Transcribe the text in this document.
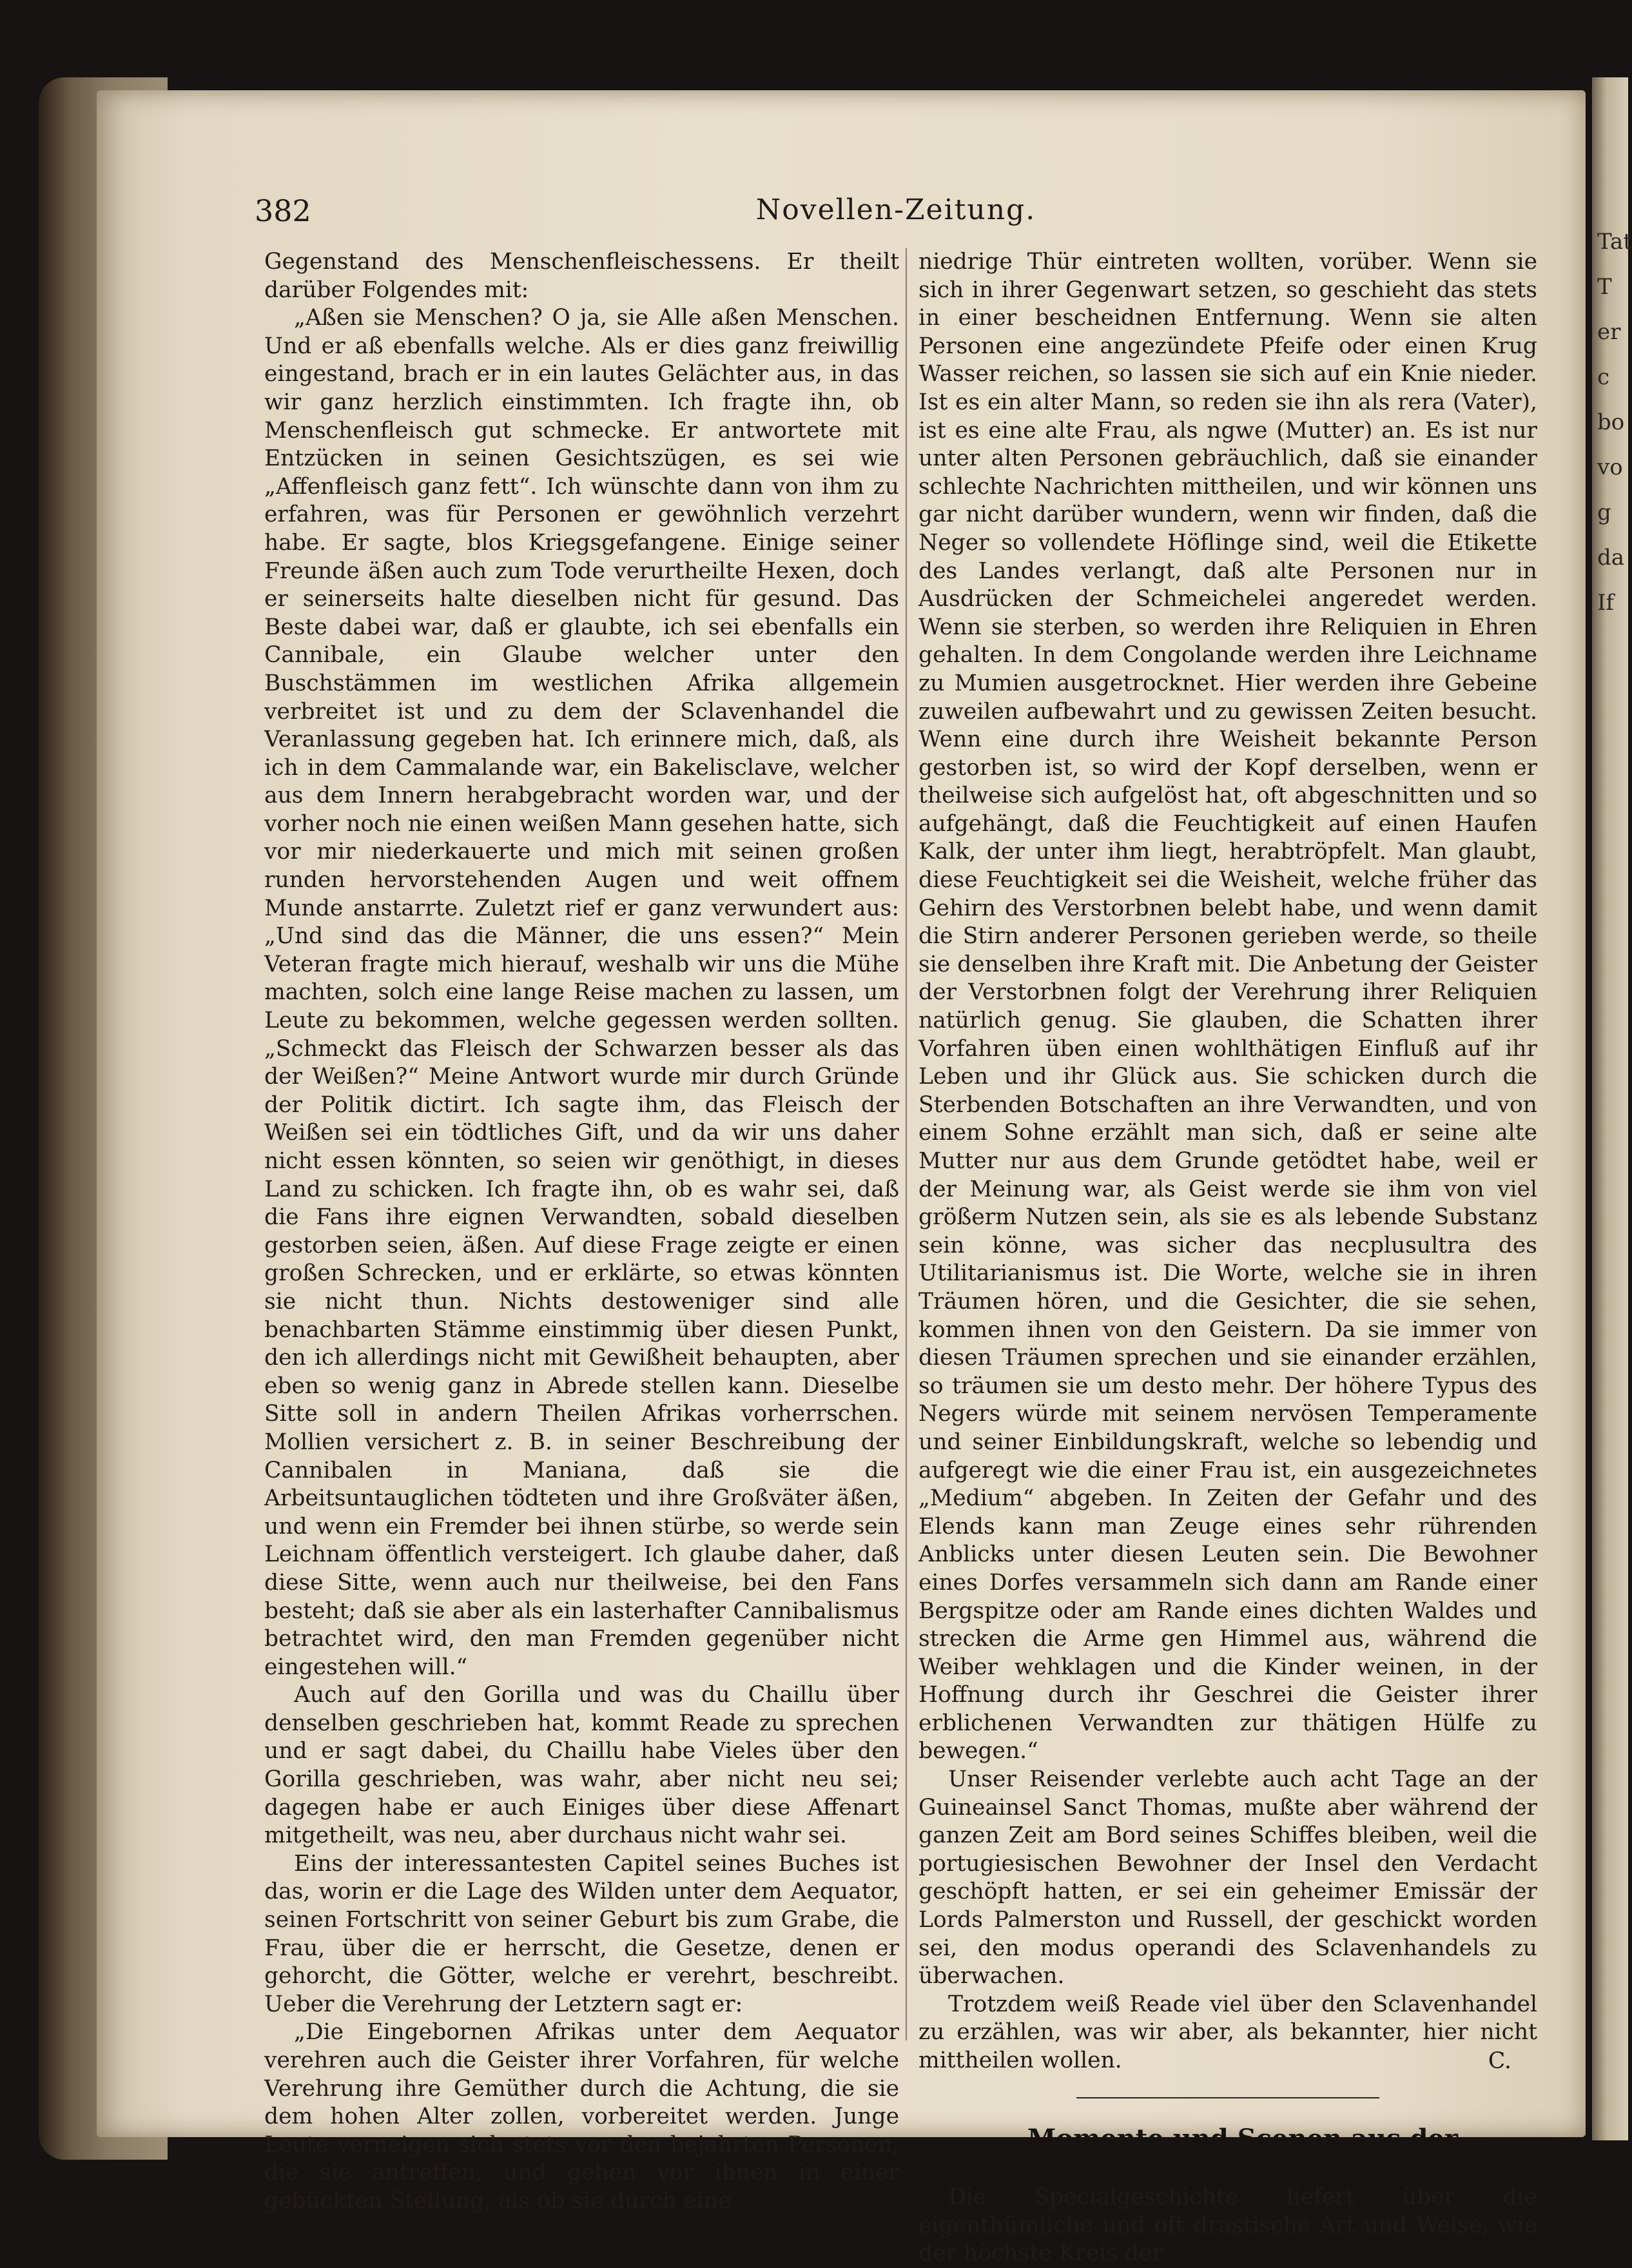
Tat
T
er
c
bo
vo
g
da
If
382	Novellen-Zeitung.

Gegenstand des Menschenfleischessens. Er theilt darüber Folgendes mit:

„Aßen sie Menschen? O ja, sie Alle aßen Menschen. Und er aß ebenfalls welche. Als er dies ganz freiwillig eingestand, brach er in ein lautes Gelächter aus, in das wir ganz herzlich einstimmten. Ich fragte ihn, ob Menschenfleisch gut schmecke. Er antwortete mit Entzücken in seinen Gesichtszügen, es sei wie „Affenfleisch ganz fett“. Ich wünschte dann von ihm zu erfahren, was für Personen er gewöhnlich verzehrt habe. Er sagte, blos Kriegsgefangene. Einige seiner Freunde äßen auch zum Tode verurtheilte Hexen, doch er seinerseits halte dieselben nicht für gesund. Das Beste dabei war, daß er glaubte, ich sei ebenfalls ein Cannibale, ein Glaube welcher unter den Buschstämmen im westlichen Afrika allgemein verbreitet ist und zu dem der Sclavenhandel die Veranlassung gegeben hat. Ich erinnere mich, daß, als ich in dem Cammalande war, ein Bakelisclave, welcher aus dem Innern herabgebracht worden war, und der vorher noch nie einen weißen Mann gesehen hatte, sich vor mir niederkauerte und mich mit seinen großen runden hervorstehenden Augen und weit offnem Munde anstarrte. Zuletzt rief er ganz verwundert aus: „Und sind das die Männer, die uns essen?“ Mein Veteran fragte mich hierauf, weshalb wir uns die Mühe machten, solch eine lange Reise machen zu lassen, um Leute zu bekommen, welche gegessen werden sollten. „Schmeckt das Fleisch der Schwarzen besser als das der Weißen?“ Meine Antwort wurde mir durch Gründe der Politik dictirt. Ich sagte ihm, das Fleisch der Weißen sei ein tödtliches Gift, und da wir uns daher nicht essen könnten, so seien wir genöthigt, in dieses Land zu schicken. Ich fragte ihn, ob es wahr sei, daß die Fans ihre eignen Verwandten, sobald dieselben gestorben seien, äßen. Auf diese Frage zeigte er einen großen Schrecken, und er erklärte, so etwas könnten sie nicht thun. Nichts destoweniger sind alle benachbarten Stämme einstimmig über diesen Punkt, den ich allerdings nicht mit Gewißheit behaupten, aber eben so wenig ganz in Abrede stellen kann. Dieselbe Sitte soll in andern Theilen Afrikas vorherrschen. Mollien versichert z. B. in seiner Beschreibung der Cannibalen in Maniana, daß sie die Arbeitsuntauglichen tödteten und ihre Großväter äßen, und wenn ein Fremder bei ihnen stürbe, so werde sein Leichnam öffentlich versteigert. Ich glaube daher, daß diese Sitte, wenn auch nur theilweise, bei den Fans besteht; daß sie aber als ein lasterhafter Cannibalismus betrachtet wird, den man Fremden gegenüber nicht eingestehen will.“

Auch auf den Gorilla und was du Chaillu über denselben geschrieben hat, kommt Reade zu sprechen und er sagt dabei, du Chaillu habe Vieles über den Gorilla geschrieben, was wahr, aber nicht neu sei; dagegen habe er auch Einiges über diese Affenart mitgetheilt, was neu, aber durchaus nicht wahr sei.

Eins der interessantesten Capitel seines Buches ist das, worin er die Lage des Wilden unter dem Aequator, seinen Fortschritt von seiner Geburt bis zum Grabe, die Frau, über die er herrscht, die Gesetze, denen er gehorcht, die Götter, welche er verehrt, beschreibt. Ueber die Verehrung der Letztern sagt er:

„Die Eingebornen Afrikas unter dem Aequator verehren auch die Geister ihrer Vorfahren, für welche Verehrung ihre Gemüther durch die Achtung, die sie dem hohen Alter zollen, vorbereitet werden. Junge Leute verneigen sich stets vor den bejahrten Personen, die sie antreffen, und gehen vor ihnen in einer gebückten Stellung, als ob sie durch eine

niedrige Thür eintreten wollten, vorüber. Wenn sie sich in ihrer Gegenwart setzen, so geschieht das stets in einer bescheidnen Entfernung. Wenn sie alten Personen eine angezündete Pfeife oder einen Krug Wasser reichen, so lassen sie sich auf ein Knie nieder. Ist es ein alter Mann, so reden sie ihn als rera (Vater), ist es eine alte Frau, als ngwe (Mutter) an. Es ist nur unter alten Personen gebräuchlich, daß sie einander schlechte Nachrichten mittheilen, und wir können uns gar nicht darüber wundern, wenn wir finden, daß die Neger so vollendete Höflinge sind, weil die Etikette des Landes verlangt, daß alte Personen nur in Ausdrücken der Schmeichelei angeredet werden. Wenn sie sterben, so werden ihre Reliquien in Ehren gehalten. In dem Congolande werden ihre Leichname zu Mumien ausgetrocknet. Hier werden ihre Gebeine zuweilen aufbewahrt und zu gewissen Zeiten besucht. Wenn eine durch ihre Weisheit bekannte Person gestorben ist, so wird der Kopf derselben, wenn er theilweise sich aufgelöst hat, oft abgeschnitten und so aufgehängt, daß die Feuchtigkeit auf einen Haufen Kalk, der unter ihm liegt, herabtröpfelt. Man glaubt, diese Feuchtigkeit sei die Weisheit, welche früher das Gehirn des Verstorbnen belebt habe, und wenn damit die Stirn anderer Personen gerieben werde, so theile sie denselben ihre Kraft mit. Die Anbetung der Geister der Verstorbnen folgt der Verehrung ihrer Reliquien natürlich genug. Sie glauben, die Schatten ihrer Vorfahren üben einen wohlthätigen Einfluß auf ihr Leben und ihr Glück aus. Sie schicken durch die Sterbenden Botschaften an ihre Verwandten, und von einem Sohne erzählt man sich, daß er seine alte Mutter nur aus dem Grunde getödtet habe, weil er der Meinung war, als Geist werde sie ihm von viel größerm Nutzen sein, als sie es als lebende Substanz sein könne, was sicher das necplusultra des Utilitarianismus ist. Die Worte, welche sie in ihren Träumen hören, und die Gesichter, die sie sehen, kommen ihnen von den Geistern. Da sie immer von diesen Träumen sprechen und sie einander erzählen, so träumen sie um desto mehr. Der höhere Typus des Negers würde mit seinem nervösen Temperamente und seiner Einbildungskraft, welche so lebendig und aufgeregt wie die einer Frau ist, ein ausgezeichnetes „Medium“ abgeben. In Zeiten der Gefahr und des Elends kann man Zeuge eines sehr rührenden Anblicks unter diesen Leuten sein. Die Bewohner eines Dorfes versammeln sich dann am Rande einer Bergspitze oder am Rande eines dichten Waldes und strecken die Arme gen Himmel aus, während die Weiber wehklagen und die Kinder weinen, in der Hoffnung durch ihr Geschrei die Geister ihrer erblichenen Verwandten zur thätigen Hülfe zu bewegen.“

Unser Reisender verlebte auch acht Tage an der Guineainsel Sanct Thomas, mußte aber während der ganzen Zeit am Bord seines Schiffes bleiben, weil die portugiesischen Bewohner der Insel den Verdacht geschöpft hatten, er sei ein geheimer Emissär der Lords Palmerston und Russell, der geschickt worden sei, den modus operandi des Sclavenhandels zu überwachen.

Trotzdem weiß Reade viel über den Sclavenhandel zu erzählen, was wir aber, als bekannter, hier nicht mittheilen wollen.	C.

Momente und Scenen aus der Geschichte des Papstthums.

Die Specialgeschichte liefert über die eigenthümliche und oft drastische Art und Weise, wie der höchste Kreis der
